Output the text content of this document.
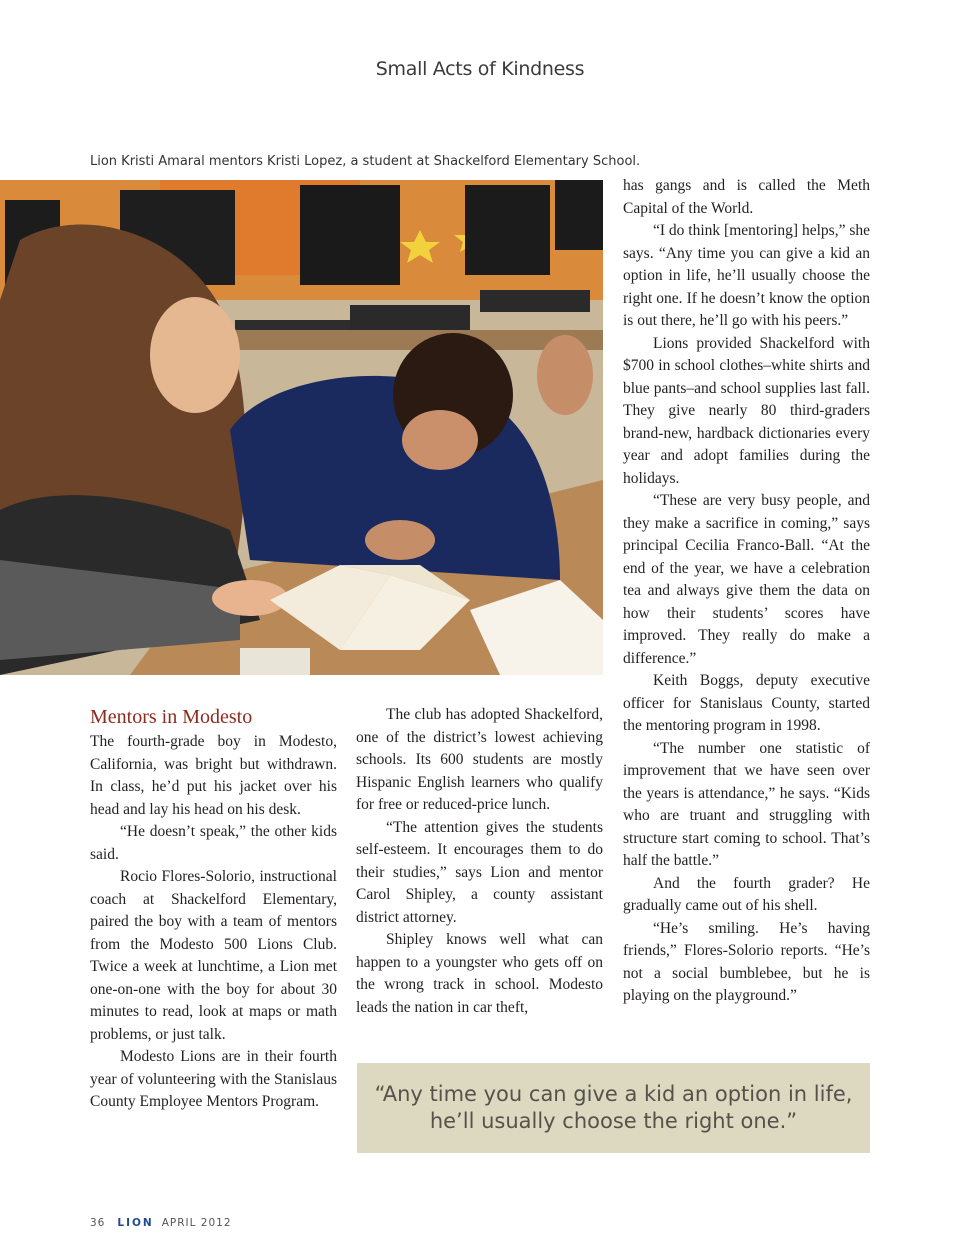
Small Acts of Kindness
Lion Kristi Amaral mentors Kristi Lopez, a student at Shackelford Elementary School.
Mentors in Modesto

The fourth-grade boy in Modesto, California, was bright but withdrawn. In class, he’d put his jacket over his head and lay his head on his desk.

“He doesn’t speak,” the other kids said.

Rocio Flores-Solorio, instructional coach at Shackelford Elementary, paired the boy with a team of mentors from the Modesto 500 Lions Club. Twice a week at lunchtime, a Lion met one-on-one with the boy for about 30 minutes to read, look at maps or math problems, or just talk.

Modesto Lions are in their fourth year of volunteering with the Stanislaus County Employee Mentors Program.

The club has adopted Shackelford, one of the district’s lowest achieving schools. Its 600 students are mostly Hispanic English learners who qualify for free or reduced-price lunch.

“The attention gives the students self-esteem. It encourages them to do their studies,” says Lion and mentor Carol Shipley, a county assistant district attorney.

Shipley knows well what can happen to a youngster who gets off on the wrong track in school. Modesto leads the nation in car theft,

has gangs and is called the Meth Capital of the World.

“I do think [mentoring] helps,” she says. “Any time you can give a kid an option in life, he’ll usually choose the right one. If he doesn’t know the option is out there, he’ll go with his peers.”

Lions provided Shackelford with $700 in school clothes–white shirts and blue pants–and school supplies last fall. They give nearly 80 third-graders brand-new, hardback dictionaries every year and adopt families during the holidays.

“These are very busy people, and they make a sacrifice in coming,” says principal Cecilia Franco-Ball. “At the end of the year, we have a celebration tea and always give them the data on how their students’ scores have improved. They really do make a difference.”

Keith Boggs, deputy executive officer for Stanislaus County, started the mentoring program in 1998.

“The number one statistic of improvement that we have seen over the years is attendance,” he says. “Kids who are truant and struggling with structure start coming to school. That’s half the battle.”

And the fourth grader? He gradually came out of his shell.

“He’s smiling. He’s having friends,” Flores-Solorio reports. “He’s not a social bumblebee, but he is playing on the playground.”

“Any time you can give a kid an option in life,
he’ll usually choose the right one.”
36 LION APRIL 2012
